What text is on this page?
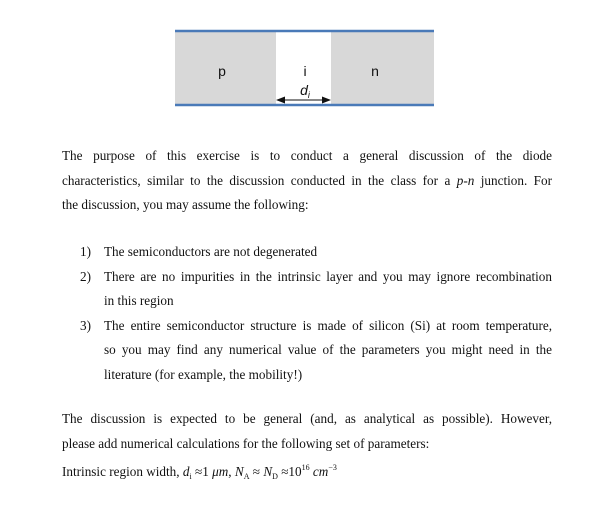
p	i	n
$d_i$
The purpose of this exercise is to conduct a general discussion of the diode
characteristics, similar to the discussion conducted in the class for a p-n junction. For
the discussion, you may assume the following:
1) The semiconductors are not degenerated
2) There are no impurities in the intrinsic layer and you may ignore recombination
in this region
3) The entire semiconductor structure is made of silicon (Si) at room temperature,
so you may find any numerical value of the parameters you might need in the
literature (for example, the mobility!)
The discussion is expected to be general (and, as analytical as possible). However,
please add numerical calculations for the following set of parameters:
Intrinsic region width, $d_i \approx 1$ μm, $N_A \approx N_D \approx 10^{16}$ $cm^{-3}$
